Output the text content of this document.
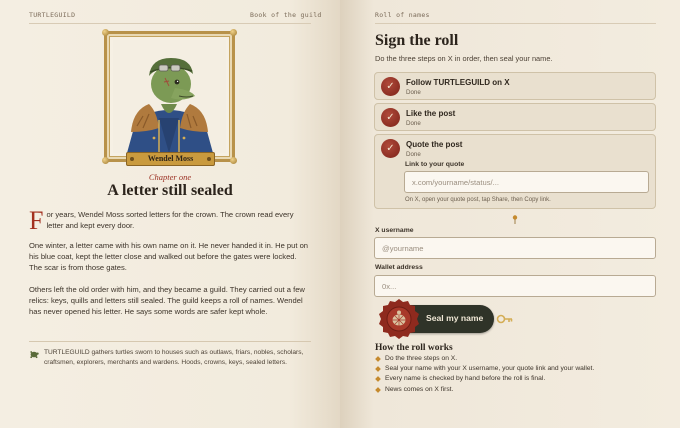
TURTLEGUILD	Book of the guild
Wendel Moss
Chapter one
A letter still sealed
For years, Wendel Moss sorted letters for the crown. The crown read every letter and kept every door.
One winter, a letter came with his own name on it. He never handed it in. He put on his blue coat, kept the letter close and walked out before the gates were locked. The scar is from those gates.
Others left the old order with him, and they became a guild. They carried out a few relics: keys, quills and letters still sealed. The guild keeps a roll of names. Wendel has never opened his letter. He says some words are safer kept whole.
TURTLEGUILD gathers turtles sworn to houses such as outlaws, friars, nobles, scholars, craftsmen, explorers, merchants and wardens. Hoods, crowns, keys, sealed letters.
Roll of names
Sign the roll
Do the three steps on X in order, then seal your name.
✓	Follow TURTLEGUILD on X
Done
✓	Like the post
Done
✓	Quote the post
Done
Link to your quote
x.com/yourname/status/...
On X, open your quote post, tap Share, then Copy link.
X username
@yourname
Wallet address
0x...
Seal my name
How the roll works
Do the three steps on X.
Seal your name with your X username, your quote link and your wallet.
Every name is checked by hand before the roll is final.
News comes on X first.
